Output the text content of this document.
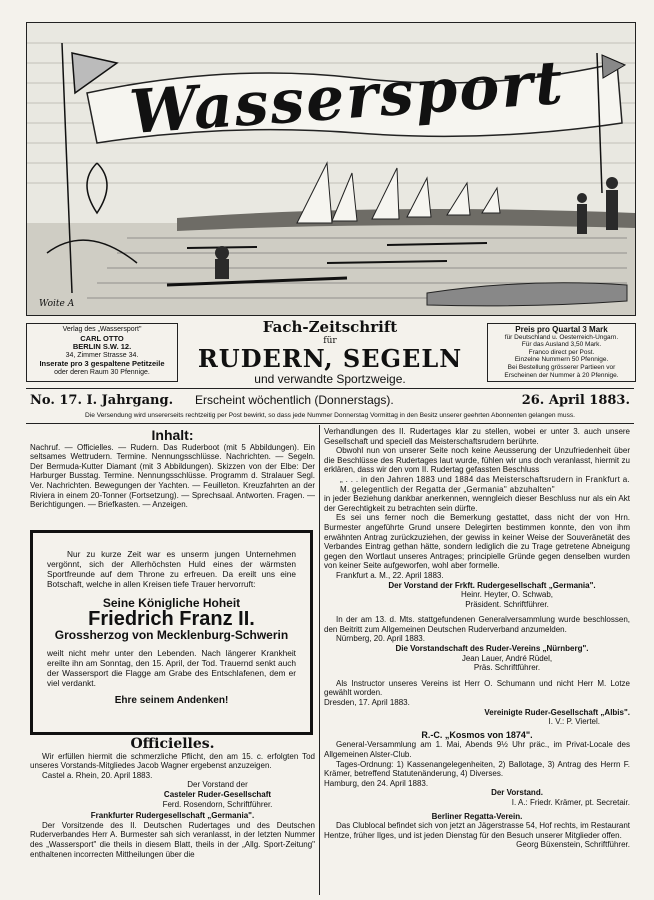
Wassersport
Woite A
Verlag des „Wassersport"
CARL OTTO
BERLIN S.W. 12.
34, Zimmer Strasse 34.
Inserate pro 3 gespaltene Petitzeile
oder deren Raum 30 Pfennige.
Fach-Zeitschrift
für
RUDERN, SEGELN
und verwandte Sportzweige.
Preis pro Quartal 3 Mark
für Deutschland u. Oesterreich-Ungarn.
Für das Ausland 3,50 Mark.
Franco direct per Post.
Einzelne Nummern 50 Pfennige.
Bei Bestellung grösserer Partieen vor
Erscheinen der Nummer à 20 Pfennige.
No. 17. I. Jahrgang. Erscheint wöchentlich (Donnerstags).	26. April 1883.
Die Versendung wird unsererseits rechtzeitig per Post bewirkt, so dass jede Nummer Donnerstag Vormittag in den Besitz unserer geehrten Abonnenten gelangen muss.
Inhalt:

Nachruf. — Officielles. — Rudern. Das Ruderboot (mit 5 Abbildungen). Ein seltsames Wettrudern. Termine. Nennungsschlüsse. Nachrichten. — Segeln. Der Bermuda-Kutter Diamant (mit 3 Abbildungen). Skizzen von der Elbe: Der Harburger Busstag. Termine. Nennungsschlüsse. Programm d. Stralauer Segl. Ver. Nachrichten. Bewegungen der Yachten. — Feuilleton. Kreuzfahrten an der Riviera in einem 20-Tonner (Fortsetzung). — Sprechsaal. Antworten. Fragen. — Berichtigungen. — Briefkasten. — Anzeigen.

Nur zu kurze Zeit war es unserm jungen Unternehmen vergönnt, sich der Allerhöchsten Huld eines der wärmsten Sportfreunde auf dem Throne zu erfreuen. Da ereilt uns eine Botschaft, welche in allen Kreisen tiefe Trauer hervorruft:

Seine Königliche Hoheit
Friedrich Franz II.
Grossherzog von Mecklenburg-Schwerin

weilt nicht mehr unter den Lebenden. Nach längerer Krankheit ereilte ihn am Sonntag, den 15. April, der Tod. Trauernd senkt auch der Wassersport die Flagge am Grabe des Entschlafenen, dem er viel verdankt.

Ehre seinem Andenken!
Officielles.

Wir erfüllen hiermit die schmerzliche Pflicht, den am 15. c. erfolgten Tod unseres Vorstands-Mitgliedes Jacob Wagner ergebenst anzuzeigen.

Castel a. Rhein, 20. April 1883.

Der Vorstand der

Casteler Ruder-Gesellschaft

Ferd. Rosendorn, Schriftführer.

Frankfurter Rudergesellschaft „Germania".

Der Vorsitzende des II. Deutschen Rudertages und des Deutschen Ruderverbandes Herr A. Burmester sah sich veranlasst, in der letzten Nummer des „Wassersport" die theils in diesem Blatt, theils in der „Allg. Sport-Zeitung" enthaltenen incorrecten Mittheilungen über die

Verhandlungen des II. Rudertages klar zu stellen, wobei er unter 3. auch unsere Gesellschaft und speciell das Meisterschaftsrudern berührte.

Obwohl nun von unserer Seite noch keine Aeusserung der Unzufriedenheit über die Beschlüsse des Rudertages laut wurde, fühlen wir uns doch veranlasst, hiermit zu erklären, dass wir den vom II. Rudertag gefassten Beschluss

„ . . . in den Jahren 1883 und 1884 das Meisterschaftsrudern in Frankfurt a. M. gelegentlich der Regatta der „Germania" abzuhalten"

in jeder Beziehung dankbar anerkennen, wenngleich dieser Beschluss nur als ein Akt der Gerechtigkeit zu betrachten sein dürfte.

Es sei uns ferner noch die Bemerkung gestattet, dass nicht der von Hrn. Burmester angeführte Grund unsere Delegirten bestimmen konnte, den von ihm erwähnten Antrag zurückzuziehen, der gewiss in keiner Weise der Souveränetät des Verbandes Eintrag gethan hätte, sondern lediglich die zu Trage getretene Abneigung gegen den Wortlaut unseres Antrages; principielle Gründe gegen denselben wurden von keiner Seite aufgeworfen, wohl aber formelle.

Frankfurt a. M., 22. April 1883.

Der Vorstand der Frkft. Rudergesellschaft „Germania".

Heinr. Heyter, O. Schwab,

Präsident. Schriftführer.

In der am 13. d. Mts. stattgefundenen Generalversammlung wurde beschlossen, den Beitritt zum Allgemeinen Deutschen Ruderverband anzumelden.

Nürnberg, 20. April 1883.

Die Vorstandschaft des Ruder-Vereins „Nürnberg".

Jean Lauer, André Rüdel,

Präs. Schriftführer.

Als Instructor unseres Vereins ist Herr O. Schumann und nicht Herr M. Lotze gewählt worden.

Dresden, 17. April 1883.

Vereinigte Ruder-Gesellschaft „Albis".

I. V.: P. Viertel.

R.-C. „Kosmos von 1874".

General-Versammlung am 1. Mai, Abends 9½ Uhr präc., im Privat-Locale des Allgemeinen Alster-Club.

Tages-Ordnung: 1) Kassenangelegenheiten, 2) Ballotage, 3) Antrag des Herrn F. Krämer, betreffend Statutenänderung, 4) Diverses.

Hamburg, den 24. April 1883.

Der Vorstand.

I. A.: Friedr. Krämer, pt. Secretair.

Berliner Regatta-Verein.

Das Clublocal befindet sich von jetzt an Jägerstrasse 54, Hof rechts, im Restaurant Hentze, früher Ilges, und ist jeden Dienstag für den Besuch unserer Mitglieder offen.

Georg Büxenstein, Schriftführer.
